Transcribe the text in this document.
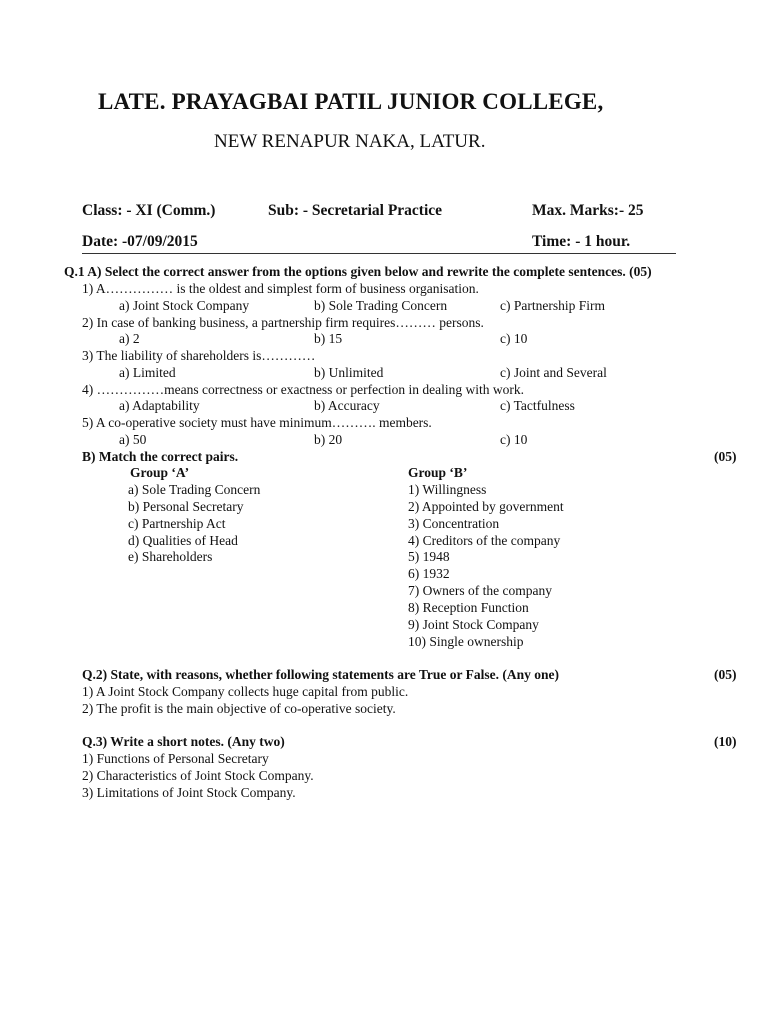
LATE. PRAYAGBAI PATIL JUNIOR COLLEGE,
NEW RENAPUR NAKA, LATUR.
Class: - XI (Comm.)	Sub: - Secretarial Practice	Max. Marks:- 25
Date: -07/09/2015	Time: - 1 hour.
Q.1 A) Select the correct answer from the options given below and rewrite the complete sentences. (05)
1) A…………… is the oldest and simplest form of business organisation.
a) Joint Stock Company	b) Sole Trading Concern	c) Partnership Firm
2) In case of banking business, a partnership firm requires……… persons.
a) 2	b) 15	c) 10
3) The liability of shareholders is…………
a) Limited	b) Unlimited	c) Joint and Several
4) ……………means correctness or exactness or perfection in dealing with work.
a) Adaptability	b) Accuracy	c) Tactfulness
5) A co-operative society must have minimum………. members.
a) 50	b) 20	c) 10
B) Match the correct pairs.	(05)
Group ‘A’	Group ‘B’
a) Sole Trading Concern
b) Personal Secretary
c) Partnership Act
d) Qualities of Head
e) Shareholders
1) Willingness
2) Appointed by government
3) Concentration
4) Creditors of the company
5) 1948
6) 1932
7) Owners of the company
8) Reception Function
9) Joint Stock Company
10) Single ownership
Q.2) State, with reasons, whether following statements are True or False. (Any one)	(05)
1) A Joint Stock Company collects huge capital from public.
2) The profit is the main objective of co-operative society.
Q.3) Write a short notes. (Any two)	(10)
1) Functions of Personal Secretary
2) Characteristics of Joint Stock Company.
3) Limitations of Joint Stock Company.
